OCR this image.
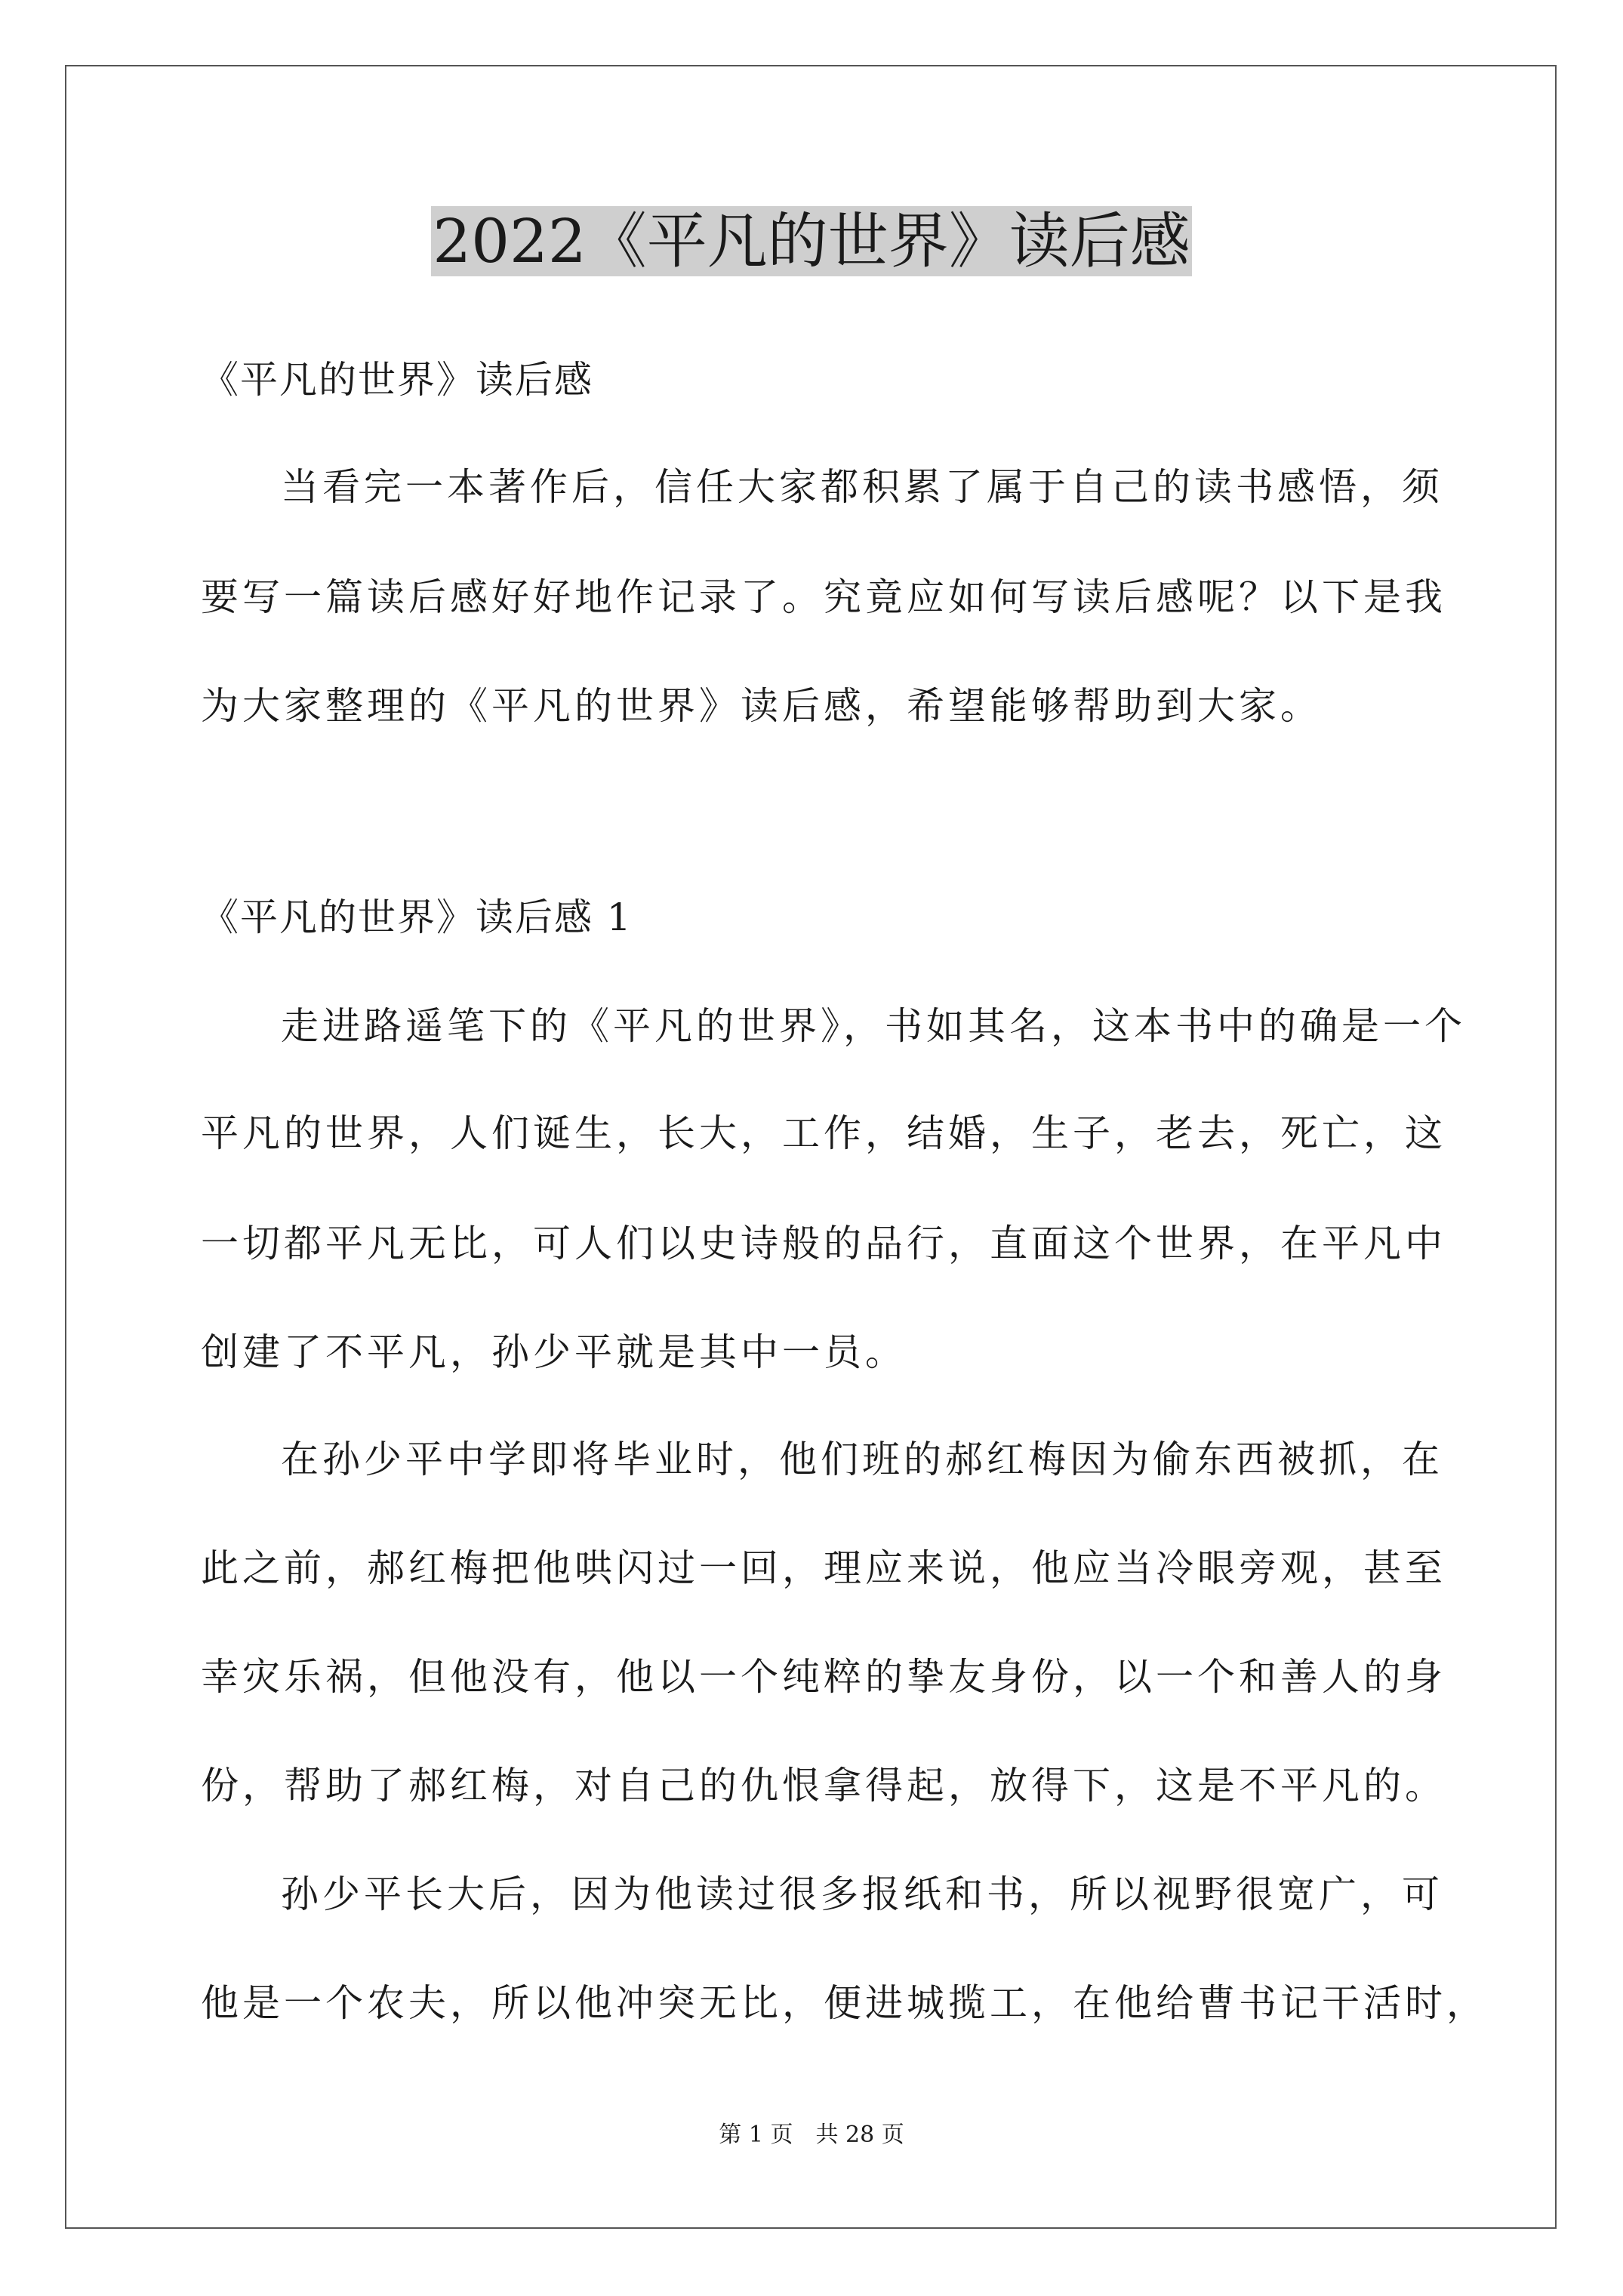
2022《平凡的世界》读后感

《平凡的世界》读后感

当看完一本著作后，信任大家都积累了属于自己的读书感悟，须

要写一篇读后感好好地作记录了。究竟应如何写读后感呢？以下是我

为大家整理的《平凡的世界》读后感，希望能够帮助到大家。

《平凡的世界》读后感 1

走进路遥笔下的《平凡的世界》，书如其名，这本书中的确是一个

平凡的世界，人们诞生，长大，工作，结婚，生子，老去，死亡，这

一切都平凡无比，可人们以史诗般的品行，直面这个世界，在平凡中

创建了不平凡，孙少平就是其中一员。

在孙少平中学即将毕业时，他们班的郝红梅因为偷东西被抓，在

此之前，郝红梅把他哄闪过一回，理应来说，他应当冷眼旁观，甚至

幸灾乐祸，但他没有，他以一个纯粹的挚友身份，以一个和善人的身

份，帮助了郝红梅，对自己的仇恨拿得起，放得下，这是不平凡的。

孙少平长大后，因为他读过很多报纸和书，所以视野很宽广，可

他是一个农夫，所以他冲突无比，便进城揽工，在他给曹书记干活时，

第 1 页　共 28 页
